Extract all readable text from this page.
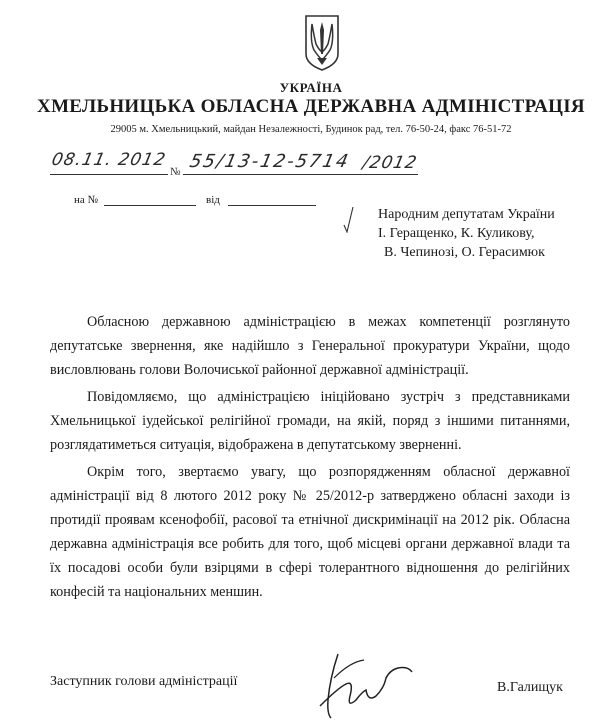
УКРАЇНА
ХМЕЛЬНИЦЬКА ОБЛАСНА ДЕРЖАВНА АДМІНІСТРАЦІЯ
29005 м. Хмельницький, майдан Незалежності, Будинок рад, тел. 76-50-24, факс 76-51-72
08.11. 2012
№ 55/13-12-5714 /2012
на №	від
Народним депутатам України
І. Геращенко, К. Куликову,
В. Чепинозі, О. Герасимюк

Обласною державною адміністрацією в межах компетенції розглянуто депутатське звернення, яке надійшло з Генеральної прокуратури України, щодо висловлювань голови Волочиської районної державної адміністрації.

Повідомляємо, що адміністрацією ініційовано зустріч з представниками Хмельницької іудейської релігійної громади, на якій, поряд з іншими питаннями, розглядатиметься ситуація, відображена в депутатському зверненні.

Окрім того, звертаємо увагу, що розпорядженням обласної державної адміністрації від 8 лютого 2012 року № 25/2012-р затверджено обласні заходи із протидії проявам ксенофобії, расової та етнічної дискримінації на 2012 рік. Обласна державна адміністрація все робить для того, щоб місцеві органи державної влади та їх посадові особи були взірцями в сфері толерантного відношення до релігійних конфесій та національних меншин.

Заступник голови адміністрації	В.Галищук
